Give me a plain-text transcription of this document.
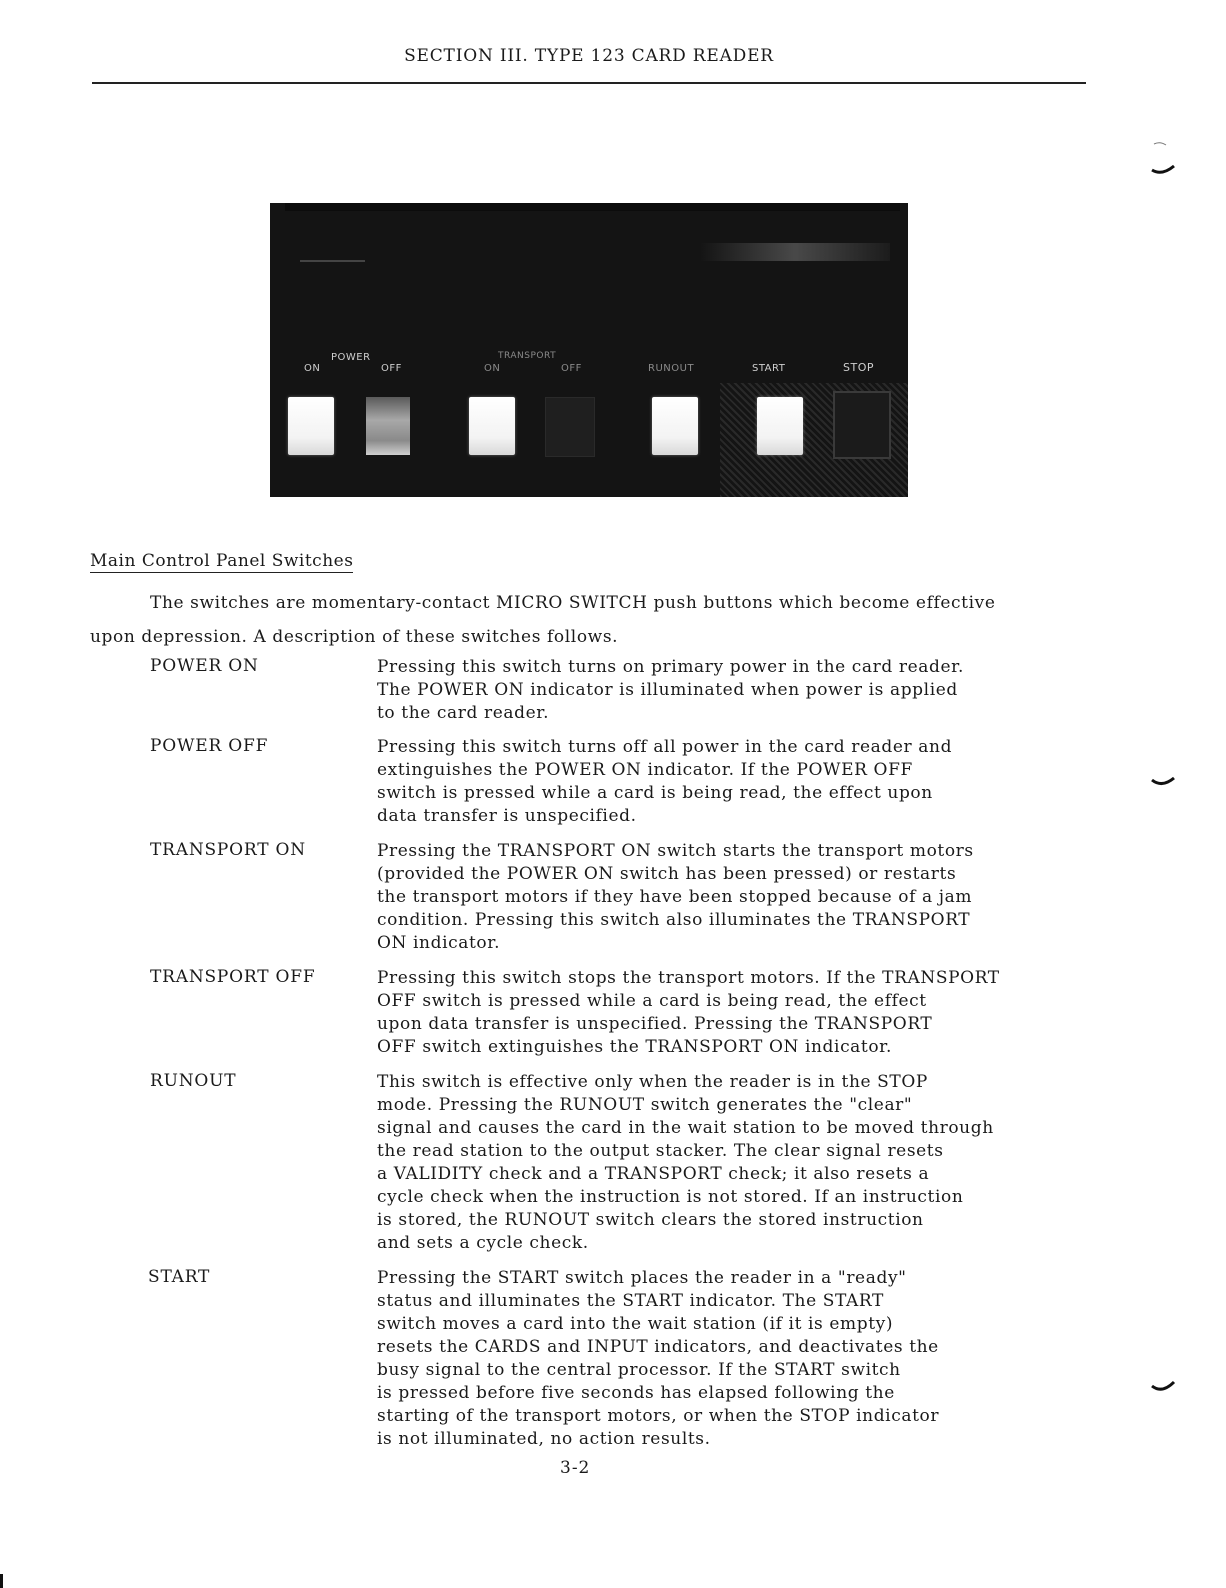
SECTION III. TYPE 123 CARD READER
POWER
ON	OFF
TRANSPORT
ON	OFF	RUNOUT	START	STOP
Main Control Panel Switches
The switches are momentary-contact MICRO SWITCH push buttons which become effective
upon depression. A description of these switches follows.
POWER ON	Pressing this switch turns on primary power in the card reader.
The POWER ON indicator is illuminated when power is applied
to the card reader.
POWER OFF	Pressing this switch turns off all power in the card reader and
extinguishes the POWER ON indicator. If the POWER OFF
switch is pressed while a card is being read, the effect upon
data transfer is unspecified.
TRANSPORT ON	Pressing the TRANSPORT ON switch starts the transport motors
(provided the POWER ON switch has been pressed) or restarts
the transport motors if they have been stopped because of a jam
condition. Pressing this switch also illuminates the TRANSPORT
ON indicator.
TRANSPORT OFF	Pressing this switch stops the transport motors. If the TRANSPORT
OFF switch is pressed while a card is being read, the effect
upon data transfer is unspecified. Pressing the TRANSPORT
OFF switch extinguishes the TRANSPORT ON indicator.
RUNOUT	This switch is effective only when the reader is in the STOP
mode. Pressing the RUNOUT switch generates the "clear"
signal and causes the card in the wait station to be moved through
the read station to the output stacker. The clear signal resets
a VALIDITY check and a TRANSPORT check; it also resets a
cycle check when the instruction is not stored. If an instruction
is stored, the RUNOUT switch clears the stored instruction
and sets a cycle check.
START	Pressing the START switch places the reader in a "ready"
status and illuminates the START indicator. The START
switch moves a card into the wait station (if it is empty)
resets the CARDS and INPUT indicators, and deactivates the
busy signal to the central processor. If the START switch
is pressed before five seconds has elapsed following the
starting of the transport motors, or when the STOP indicator
is not illuminated, no action results.
3-2
